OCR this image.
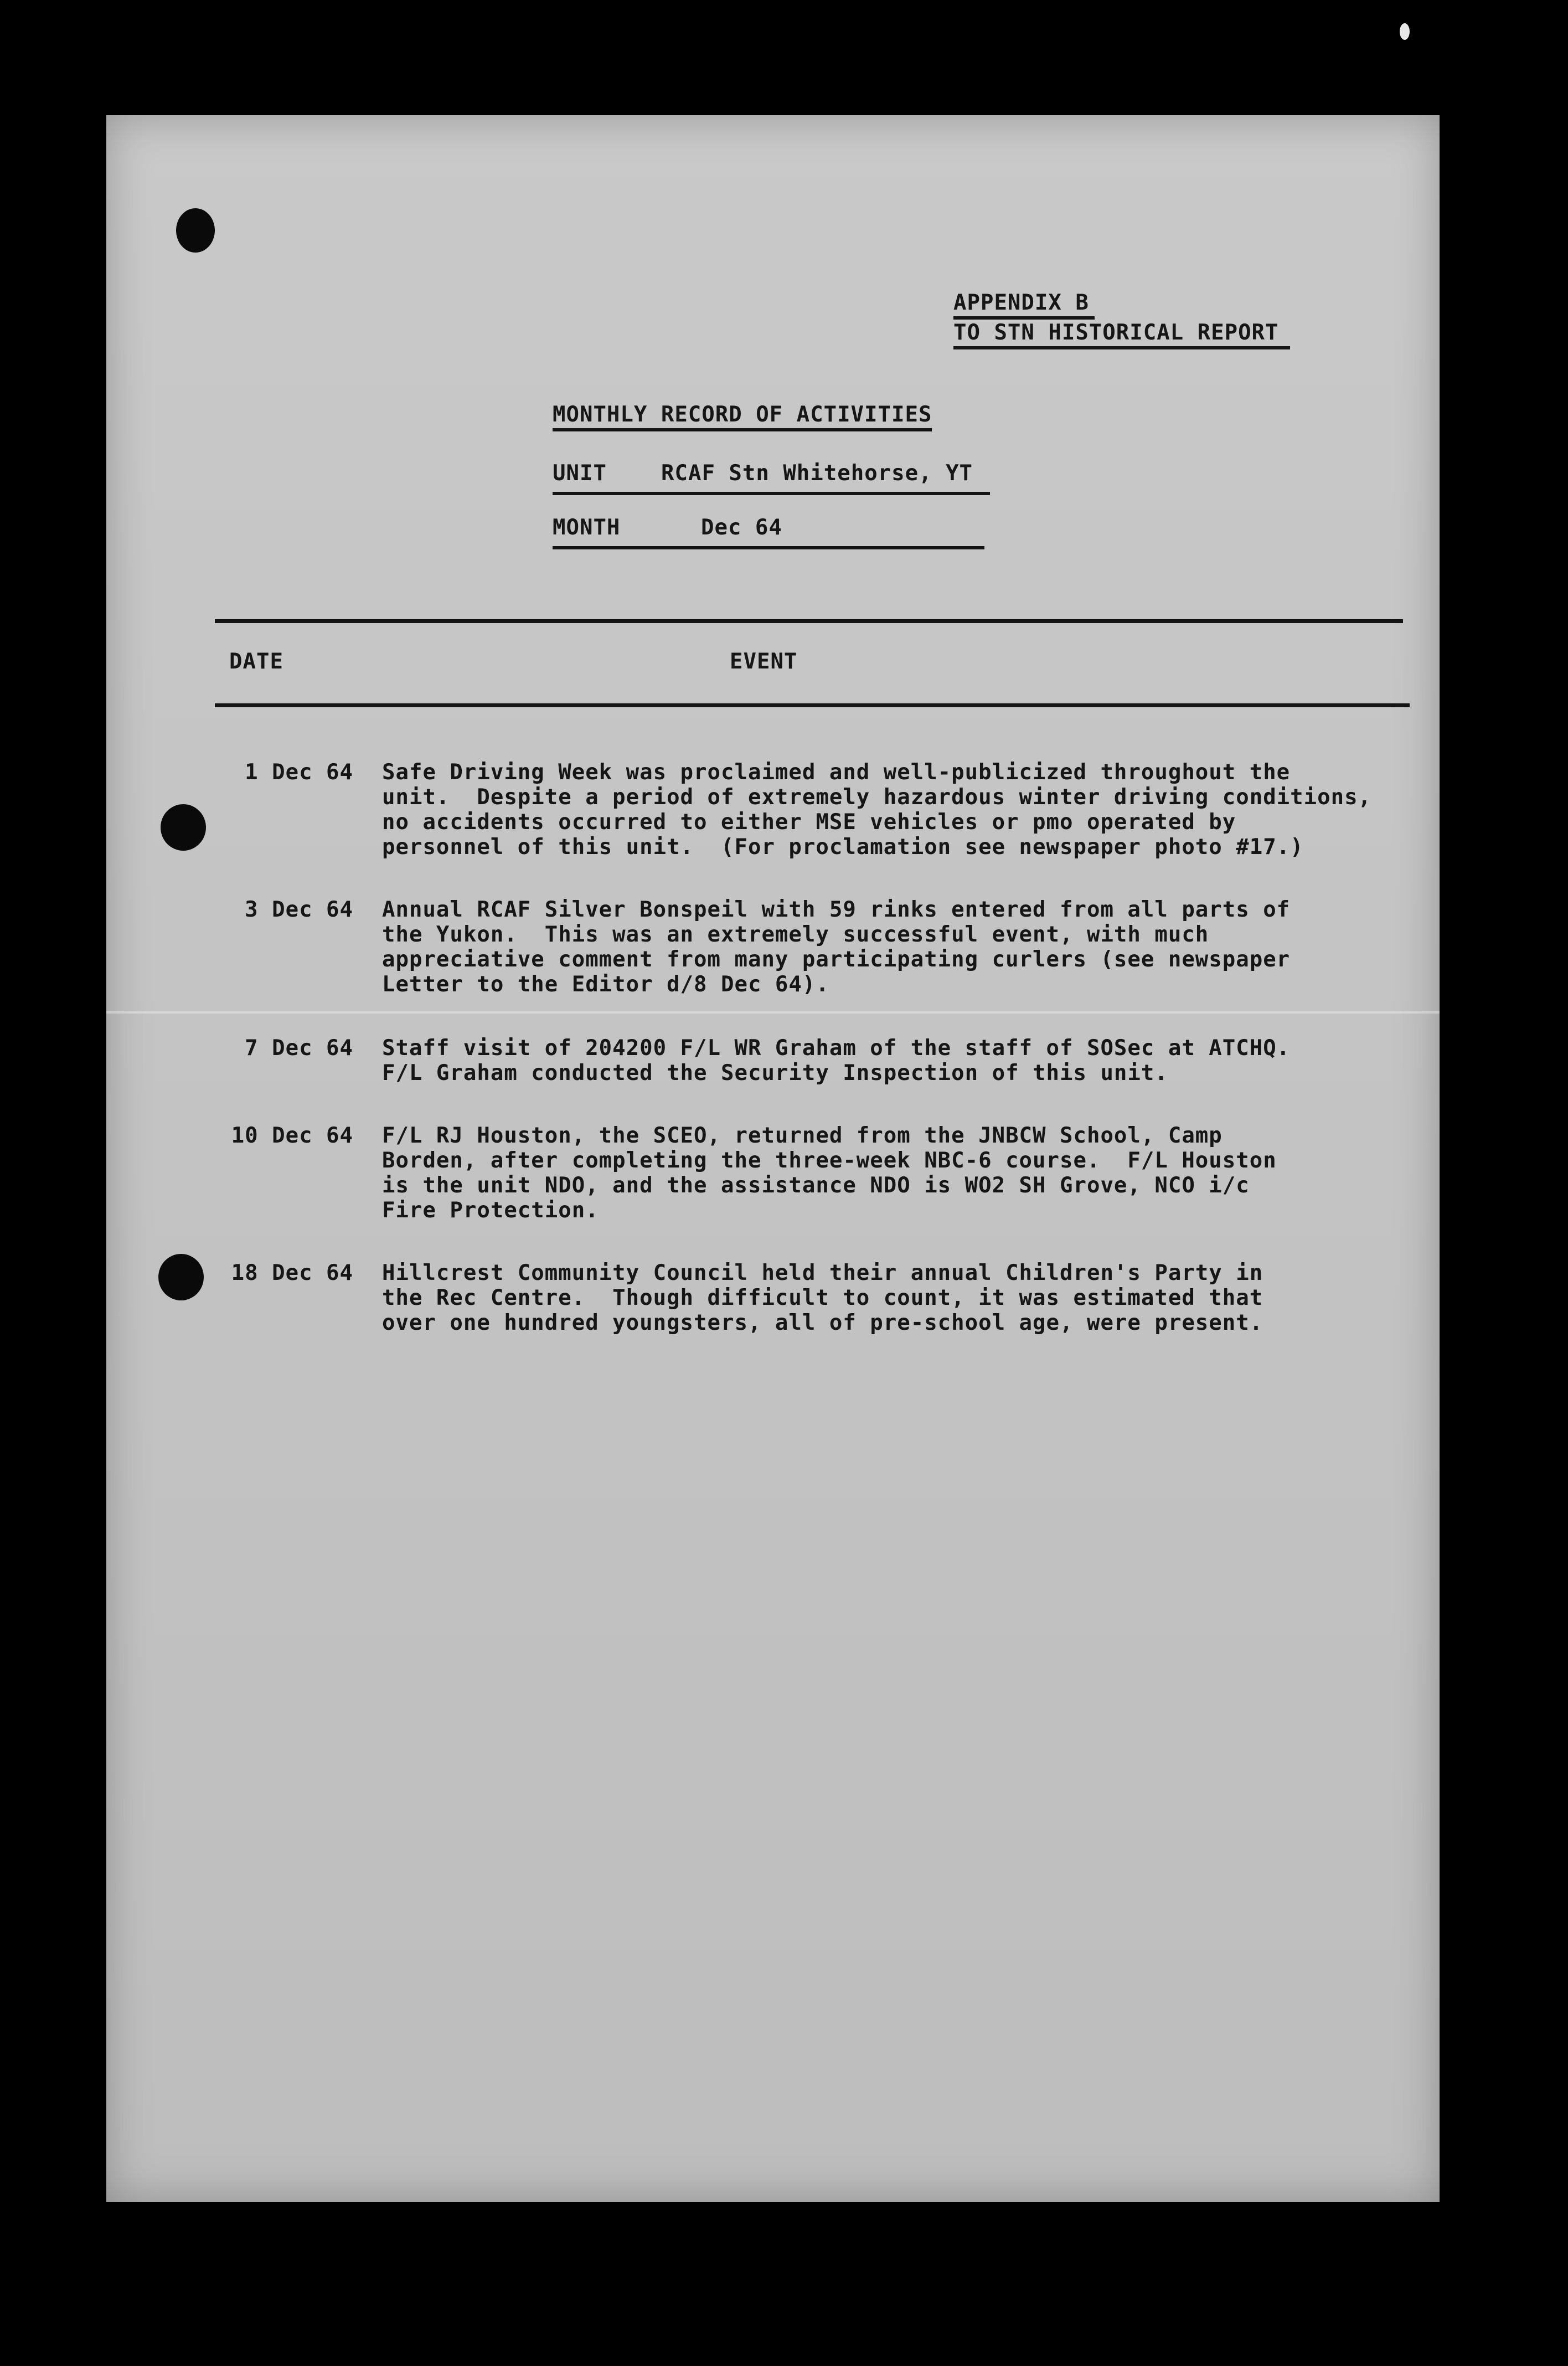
APPENDIX B
TO STN HISTORICAL REPORT
MONTHLY RECORD OF ACTIVITIES
UNIT	RCAF Stn Whitehorse, YT
MONTH	Dec 64
DATE	EVENT
1 Dec 64 Safe Driving Week was proclaimed and well-publicized throughout the
unit.  Despite a period of extremely hazardous winter driving conditions,
no accidents occurred to either MSE vehicles or pmo operated by
personnel of this unit.  (For proclamation see newspaper photo #17.)
3 Dec 64 Annual RCAF Silver Bonspeil with 59 rinks entered from all parts of
the Yukon.  This was an extremely successful event, with much
appreciative comment from many participating curlers (see newspaper
Letter to the Editor d/8 Dec 64).
7 Dec 64 Staff visit of 204200 F/L WR Graham of the staff of SOSec at ATCHQ.
F/L Graham conducted the Security Inspection of this unit.
10 Dec 64 F/L RJ Houston, the SCEO, returned from the JNBCW School, Camp
Borden, after completing the three-week NBC-6 course.  F/L Houston
is the unit NDO, and the assistance NDO is WO2 SH Grove, NCO i/c
Fire Protection.
18 Dec 64 Hillcrest Community Council held their annual Children's Party in
the Rec Centre.  Though difficult to count, it was estimated that
over one hundred youngsters, all of pre-school age, were present.
